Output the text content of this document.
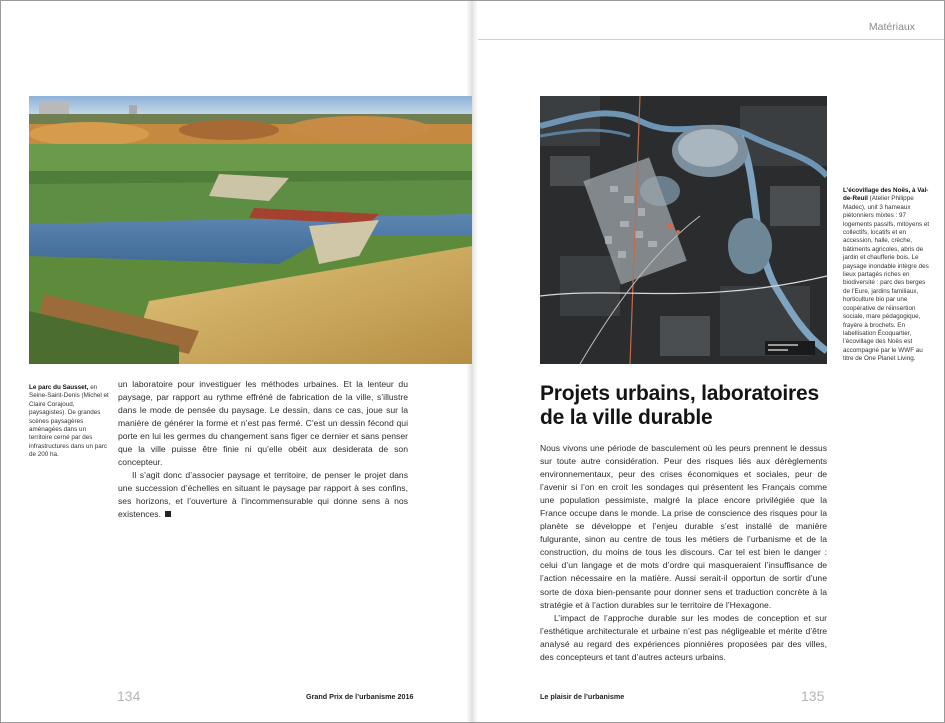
Matériaux
Le parc du Sausset, en Seine-Saint-Denis (Michel et Claire Corajoud, paysagistes). De grandes scènes paysagères aménagées dans un territoire cerné par des infrastructures dans un parc de 200 ha.

un laboratoire pour investiguer les méthodes urbaines. Et la lenteur du paysage, par rapport au rythme effréné de fabrication de la ville, s’illustre dans le mode de pensée du paysage. Le dessin, dans ce cas, joue sur la manière de générer la forme et n’est pas fermé. C’est un dessin fécond qui porte en lui les germes du changement sans figer ce dernier et sans penser que la ville puisse être finie ni qu’elle obéit aux desiderata de son concepteur.

Il s’agit donc d’associer paysage et territoire, de penser le projet dans une succession d’échelles en situant le paysage par rapport à ses confins, ses horizons, et l’ouverture à l’incommensurable qui donne sens à nos existences.

L’écovillage des Noës, à Val-de-Reuil (Atelier Philippe Madec), unit 3 hameaux piétonniers mixtes : 97 logements passifs, mitoyens et collectifs, locatifs et en accession, halle, crèche, bâtiments agricoles, abris de jardin et chaufferie bois. Le paysage inondable intègre des lieux partagés riches en biodiversité : parc des berges de l’Eure, jardins familiaux, horticulture bio par une coopérative de réinsertion sociale, mare pédagogique, frayère à brochets. En labellisation Écoquartier, l’écovillage des Noës est accompagné par le WWF au titre de One Planet Living.
Projets urbains, laboratoires de la ville durable

Nous vivons une période de basculement où les peurs prennent le dessus sur toute autre considération. Peur des risques liés aux dérèglements environnementaux, peur des crises économiques et sociales, peur de l’avenir si l’on en croit les sondages qui présentent les Français comme une population pessimiste, malgré la place encore privilégiée que la France occupe dans le monde. La prise de conscience des risques pour la planète se développe et l’enjeu durable s’est installé de manière fulgurante, sinon au centre de tous les métiers de l’urbanisme et de la construction, du moins de tous les discours. Car tel est bien le danger : celui d’un langage et de mots d’ordre qui masqueraient l’insuffisance de l’action nécessaire en la matière. Aussi serait-il opportun de sortir d’une sorte de doxa bien-pensante pour donner sens et traduction concrète à la stratégie et à l’action durables sur le territoire de l’Hexagone.

L’impact de l’approche durable sur les modes de conception et sur l’esthétique architecturale et urbaine n’est pas négligeable et mérite d’être analysé au regard des expériences pionnières proposées par des villes, des concepteurs et tant d’autres acteurs urbains.

134	Grand Prix de l’urbanisme 2016	Le plaisir de l’urbanisme	135
